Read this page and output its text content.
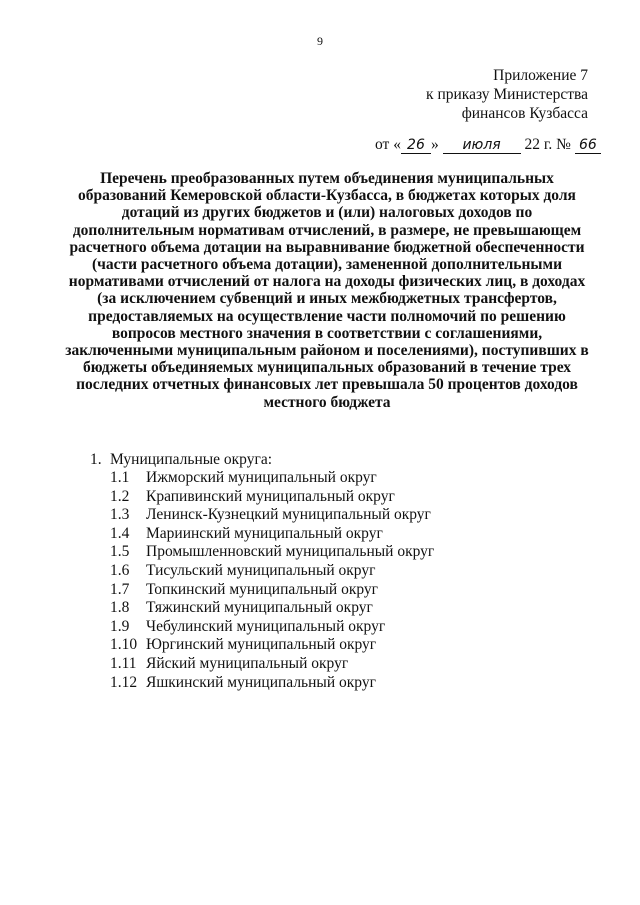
9
Приложение 7
к приказу Министерства
финансов Кузбасса
от « 26 » июля 22 г. № 66
Перечень преобразованных путем объединения муниципальных
образований Кемеровской области-Кузбасса, в бюджетах которых доля
дотаций из других бюджетов и (или) налоговых доходов по
дополнительным нормативам отчислений, в размере, не превышающем
расчетного объема дотации на выравнивание бюджетной обеспеченности
(части расчетного объема дотации), замененной дополнительными
нормативами отчислений от налога на доходы физических лиц, в доходах
(за исключением субвенций и иных межбюджетных трансфертов,
предоставляемых на осуществление части полномочий по решению
вопросов местного значения в соответствии с соглашениями,
заключенными муниципальным районом и поселениями), поступивших в
бюджеты объединяемых муниципальных образований в течение трех
последних отчетных финансовых лет превышала 50 процентов доходов
местного бюджета
1. Муниципальные округа:
1.1	Ижморский муниципальный округ
1.2	Крапивинский муниципальный округ
1.3	Ленинск-Кузнецкий муниципальный округ
1.4	Мариинский муниципальный округ
1.5	Промышленновский муниципальный округ
1.6	Тисульский муниципальный округ
1.7	Топкинский муниципальный округ
1.8	Тяжинский муниципальный округ
1.9	Чебулинский муниципальный округ
1.10 Юргинский муниципальный округ
1.11 Яйский муниципальный округ
1.12 Яшкинский муниципальный округ
